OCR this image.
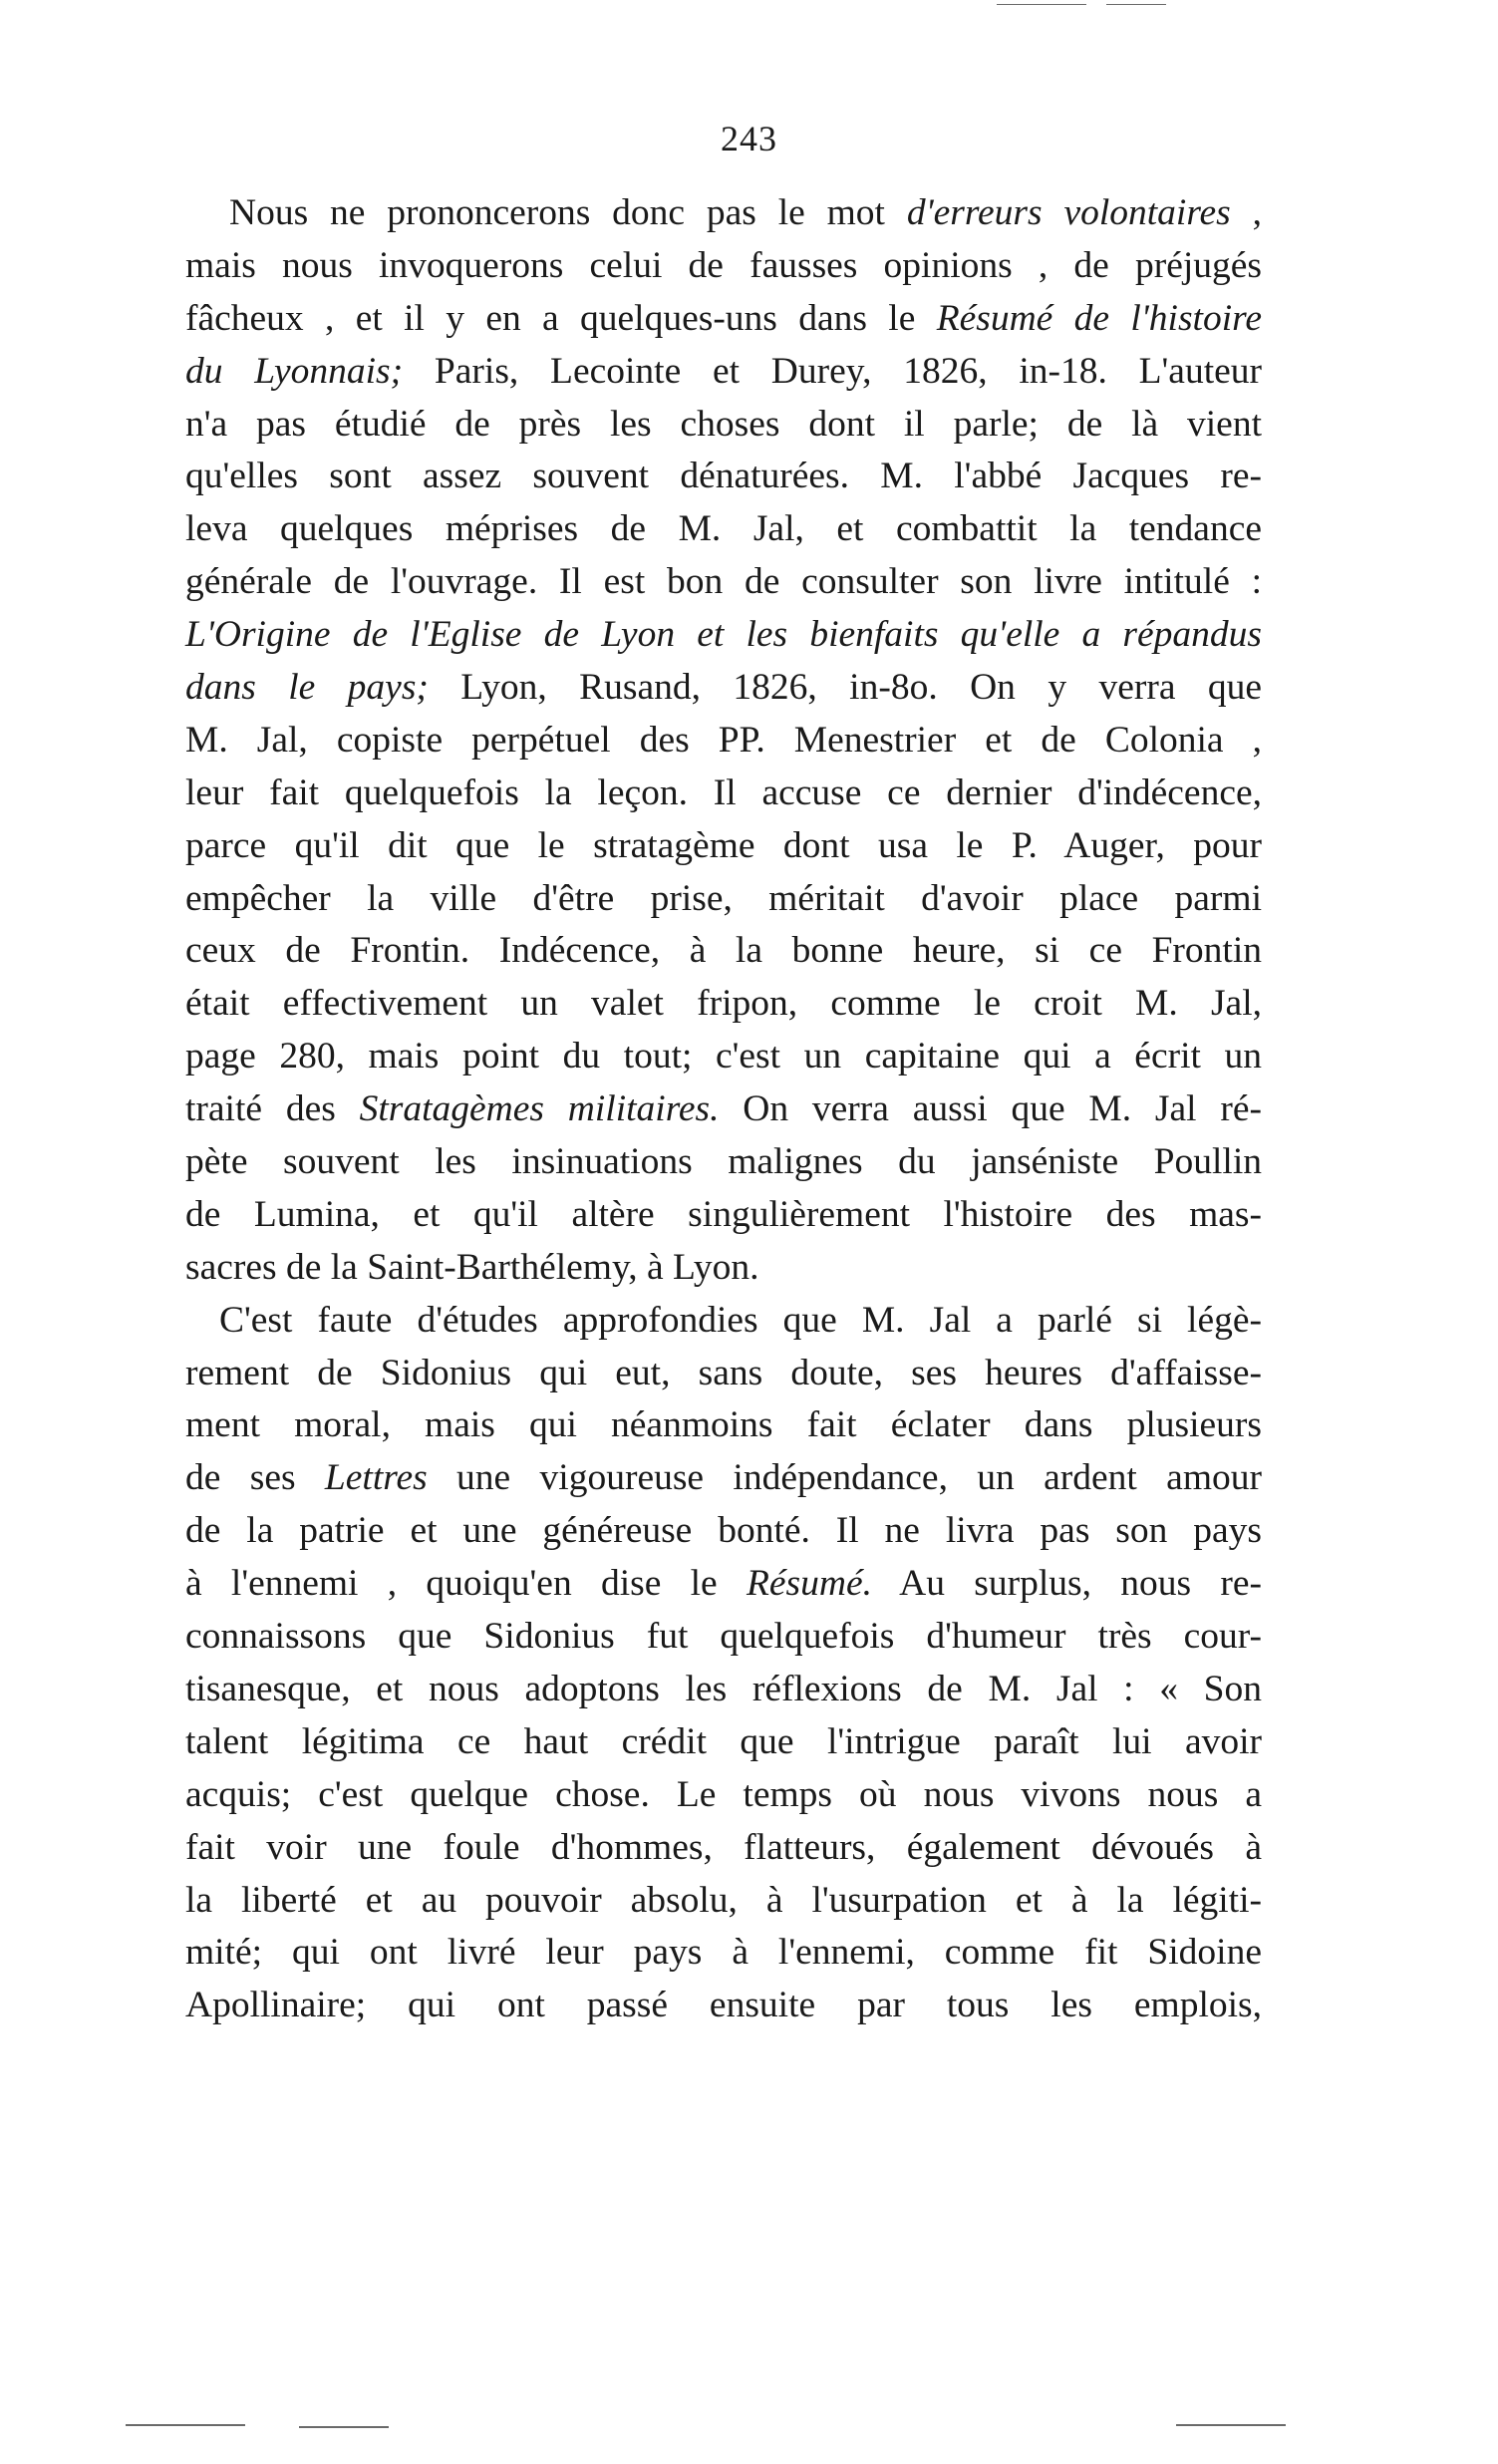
243
Nous ne prononcerons donc pas le mot d'erreurs volontaires ,
mais nous invoquerons celui de fausses opinions , de préjugés
fâcheux , et il y en a quelques-uns dans le Résumé de l'histoire
du Lyonnais; Paris, Lecointe et Durey, 1826, in-18. L'auteur
n'a pas étudié de près les choses dont il parle; de là vient
qu'elles sont assez souvent dénaturées. M. l'abbé Jacques re-
leva quelques méprises de M. Jal, et combattit la tendance
générale de l'ouvrage. Il est bon de consulter son livre intitulé :
L'Origine de l'Eglise de Lyon et les bienfaits qu'elle a répandus
dans le pays; Lyon, Rusand, 1826, in-8o. On y verra que
M. Jal, copiste perpétuel des PP. Menestrier et de Colonia ,
leur fait quelquefois la leçon. Il accuse ce dernier d'indécence,
parce qu'il dit que le stratagème dont usa le P. Auger, pour
empêcher la ville d'être prise, méritait d'avoir place parmi
ceux de Frontin. Indécence, à la bonne heure, si ce Frontin
était effectivement un valet fripon, comme le croit M. Jal,
page 280, mais point du tout; c'est un capitaine qui a écrit un
traité des Stratagèmes militaires. On verra aussi que M. Jal ré-
pète souvent les insinuations malignes du janséniste Poullin
de Lumina, et qu'il altère singulièrement l'histoire des mas-
sacres de la Saint-Barthélemy, à Lyon.
C'est faute d'études approfondies que M. Jal a parlé si légè-
rement de Sidonius qui eut, sans doute, ses heures d'affaisse-
ment moral, mais qui néanmoins fait éclater dans plusieurs
de ses Lettres une vigoureuse indépendance, un ardent amour
de la patrie et une généreuse bonté. Il ne livra pas son pays
à l'ennemi , quoiqu'en dise le Résumé. Au surplus, nous re-
connaissons que Sidonius fut quelquefois d'humeur très cour-
tisanesque, et nous adoptons les réflexions de M. Jal : « Son
talent légitima ce haut crédit que l'intrigue paraît lui avoir
acquis; c'est quelque chose. Le temps où nous vivons nous a
fait voir une foule d'hommes, flatteurs, également dévoués à
la liberté et au pouvoir absolu, à l'usurpation et à la légiti-
mité; qui ont livré leur pays à l'ennemi, comme fit Sidoine
Apollinaire; qui ont passé ensuite par tous les emplois,
